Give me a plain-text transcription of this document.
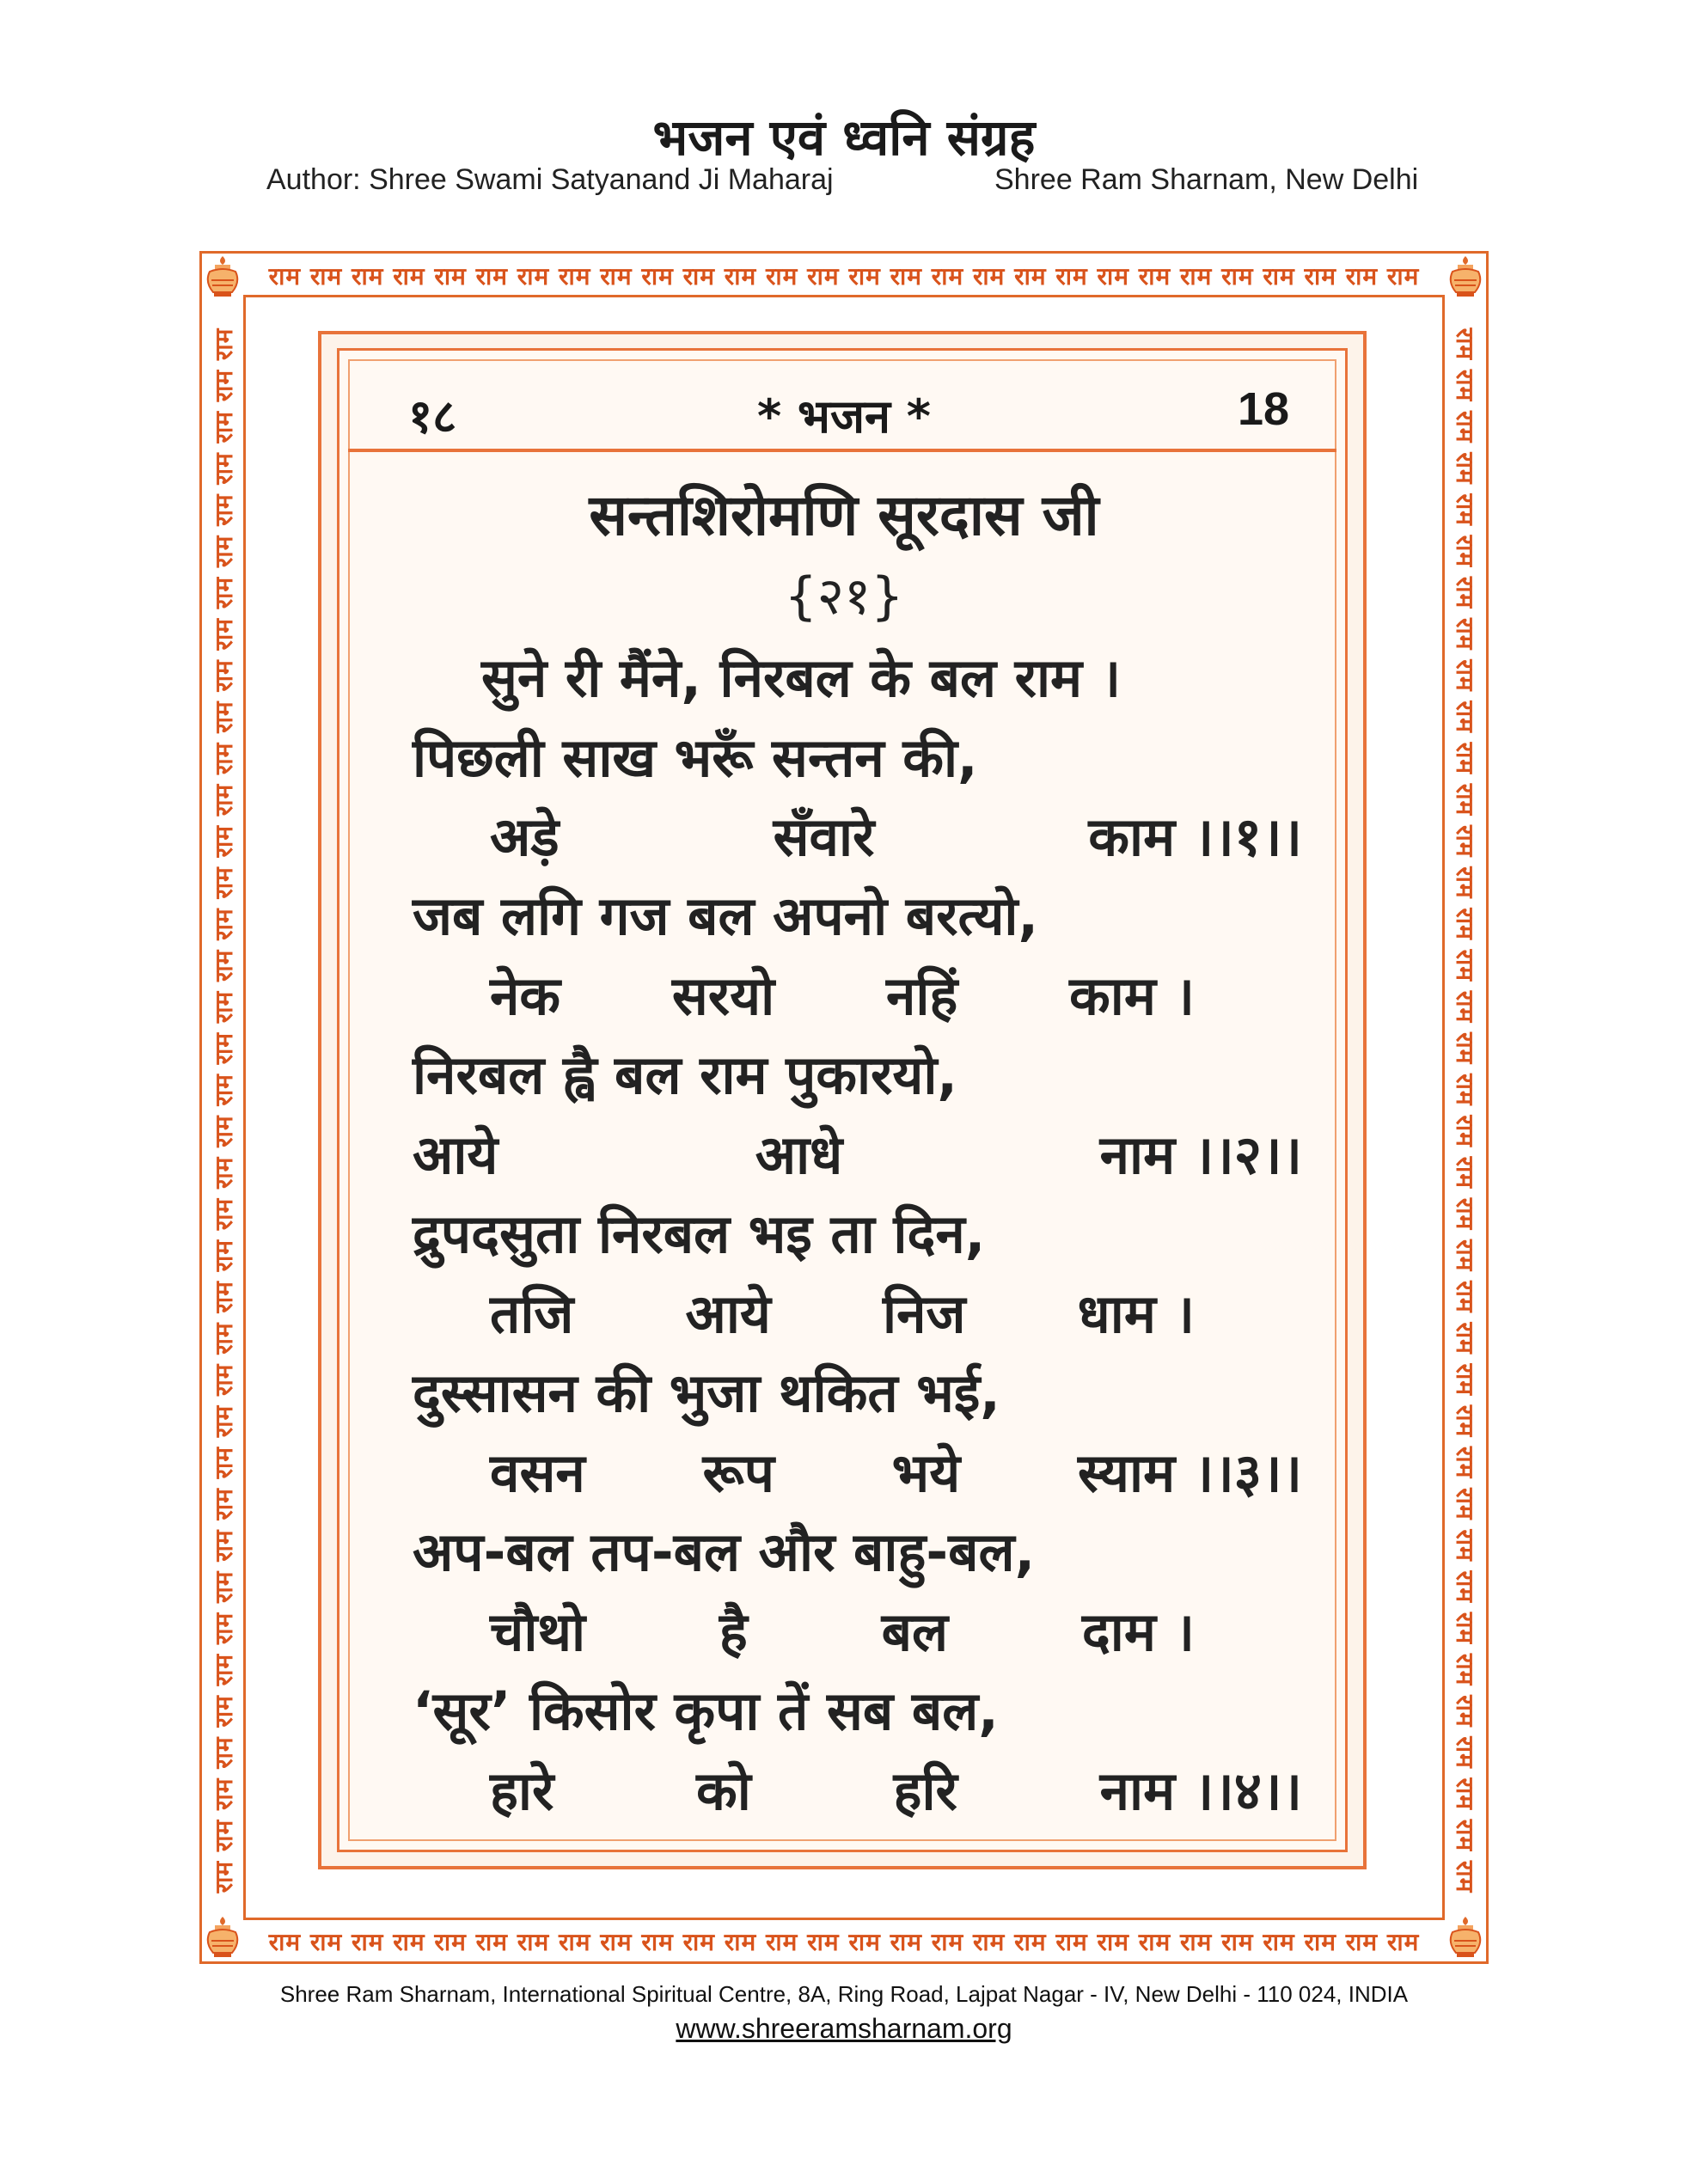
भजन एवं ध्वनि संग्रह
Author: Shree Swami Satyanand Ji Maharaj	Shree Ram Sharnam, New Delhi
राम राम राम राम राम राम राम राम राम राम राम राम राम राम राम राम राम राम राम राम राम राम राम राम राम राम राम राम
राम राम राम राम राम राम राम राम राम राम राम राम राम राम राम राम राम राम राम राम राम राम राम राम राम राम राम राम
राम राम राम राम राम राम राम राम राम राम राम राम राम राम राम राम राम राम राम राम राम राम राम राम राम राम राम राम राम राम राम राम राम राम राम राम राम राम	राम राम राम राम राम राम राम राम राम राम राम राम राम राम राम राम राम राम राम राम राम राम राम राम राम राम राम राम राम राम राम राम राम राम राम राम राम राम
१८	* भजन *	18
सन्तशिरोमणि सूरदास जी
{२१}
सुने री मैंने, निरबल के बल राम ।
पिछली साख भरूँ सन्तन की,
अड़े	सँवारे	काम ।।१।।
जब लगि गज बल अपनो बरत्यो,
नेक सरयो नहिं काम ।
निरबल ह्वै बल राम पुकारयो,
आये	आधे	नाम ।।२।।
द्रुपदसुता निरबल भइ ता दिन,
तजि आये निज धाम ।
दुस्सासन की भुजा थकित भई,
वसन रूप भये स्याम ।।३।।
अप-बल तप-बल और बाहु-बल,
चौथो	है	बल	दाम ।
‘सूर’ किसोर कृपा तें सब बल,
हारे	को	हरि	नाम ।।४।।
Shree Ram Sharnam, International Spiritual Centre, 8A, Ring Road, Lajpat Nagar - IV, New Delhi - 110 024, INDIA
www.shreeramsharnam.org
